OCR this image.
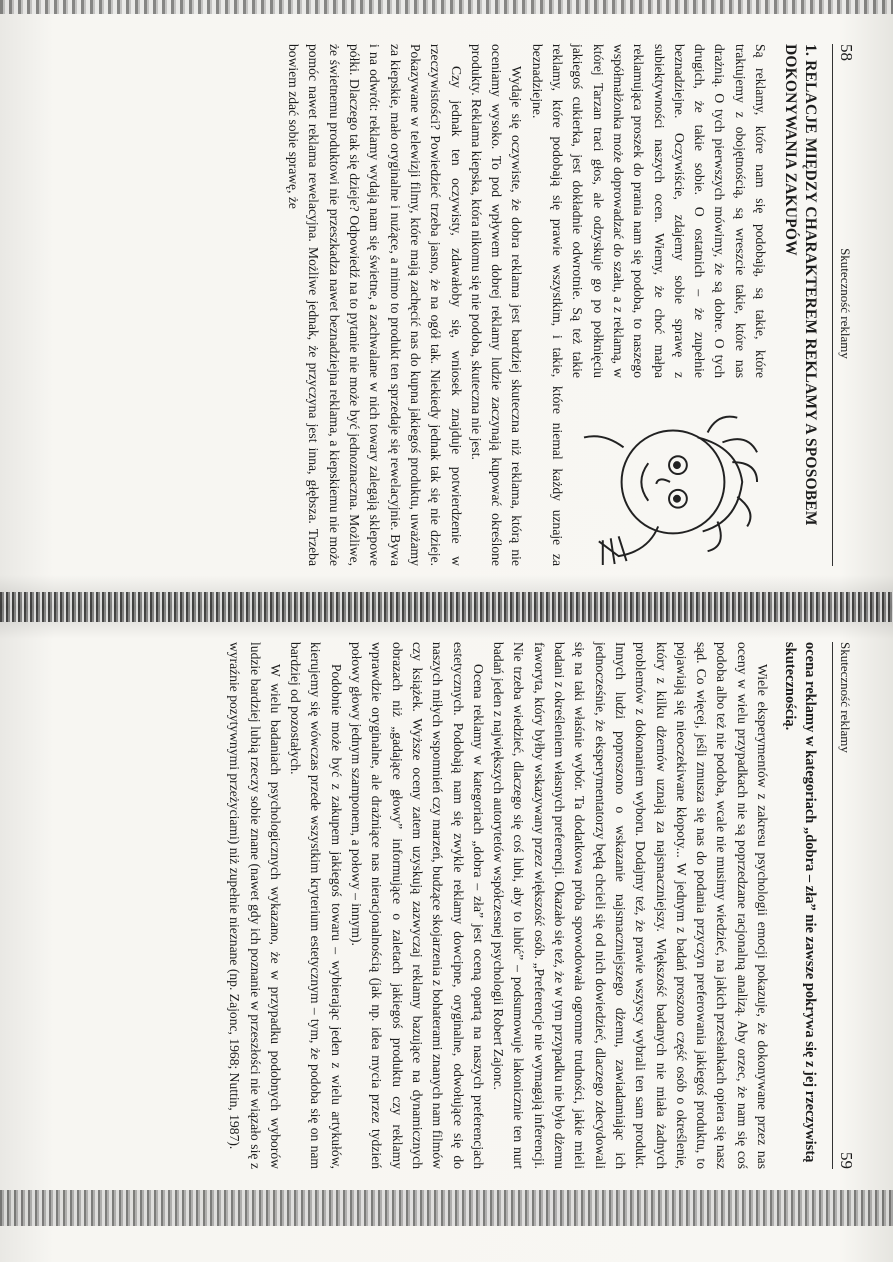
58
Skuteczność reklamy
1. RELACJE MIĘDZY CHARAKTEREM REKLAMY A SPOSOBEM DOKONYWANIA ZAKUPÓW

Są reklamy, które nam się podobają, są takie, które traktujemy z obojętnością, są wreszcie takie, które nas drażnią. O tych pierwszych mówimy, że są dobre. O tych drugich, że takie sobie. O ostatnich – że zupełnie beznadziejne. Oczywiście, zdajemy sobie sprawę z subiektywności naszych ocen. Wiemy, że choć małpa reklamująca proszek do prania nam się podoba, to naszego współmałżonka może doprowadzać do szału, a z reklamą, w której Tarzan traci głos, ale odzyskuje go po połknięciu jakiegoś cukierka, jest dokładnie odwrotnie. Są też takie reklamy, które podobają się prawie wszystkim, i takie, które niemal każdy uznaje za beznadziejne.

Wydaje się oczywiste, że dobra reklama jest bardziej skuteczna niż reklama, którą nie oceniamy wysoko. To pod wpływem dobrej reklamy ludzie zaczynają kupować określone produkty. Reklama kiepska, która nikomu się nie podoba, skuteczna nie jest.

Czy jednak ten oczywisty, zdawałoby się, wniosek znajduje potwierdzenie w rzeczywistości? Powiedzieć trzeba jasno, że na ogół tak. Niekiedy jednak tak się nie dzieje. Pokazywane w telewizji filmy, które mają zachęcić nas do kupna jakiegoś produktu, uważamy za kiepskie, mało oryginalne i nużące, a mimo to produkt ten sprzedaje się rewelacyjnie. Bywa i na odwrót: reklamy wydają nam się świetne, a zachwalane w nich towary zalegają sklepowe półki. Dlaczego tak się dzieje? Odpowiedź na to pytanie nie może być jednoznaczna. Możliwe, że świetnemu produktowi nie przeszkadza nawet beznadziejna reklama, a kiepskiemu nie może pomóc nawet reklama rewelacyjna. Możliwe jednak, że przyczyna jest inna, głębsza. Trzeba bowiem zdać sobie sprawę, że

Skuteczność reklamy
59
ocena reklamy w kategoriach „dobra – zła” nie zawsze pokrywa się z jej rzeczywistą skutecznością.

Wiele eksperymentów z zakresu psychologii emocji pokazuje, że dokonywane przez nas oceny w wielu przypadkach nie są poprzedzane racjonalną analizą. Aby orzec, że nam się coś podoba albo też nie podoba, wcale nie musimy wiedzieć, na jakich przesłankach opiera się nasz sąd. Co więcej, jeśli zmusza się nas do podania przyczyn preferowania jakiegoś produktu, to pojawiają się nieoczekiwane kłopoty... W jednym z badań proszono część osób o określenie, który z kilku dżemów uznają za najsmaczniejszy. Większość badanych nie miała żadnych problemów z dokonaniem wyboru. Dodajmy też, że prawie wszyscy wybrali ten sam produkt. Innych ludzi poproszono o wskazanie najsmaczniejszego dżemu, zawiadamiając ich jednocześnie, że eksperymentatorzy będą chcieli się od nich dowiedzieć, dlaczego zdecydowali się na taki właśnie wybór. Ta dodatkowa próba spowodowała ogromne trudności, jakie mieli badani z określeniem własnych preferencji. Okazało się też, że w tym przypadku nie było dżemu faworyta, który byłby wskazywany przez większość osób. „Preferencje nie wymagają inferencji. Nie trzeba wiedzieć, dlaczego się coś lubi, aby to lubić” – podsumowuje lakonicznie ten nurt badań jeden z największych autorytetów współczesnej psychologii Robert Zajonc.

Ocena reklamy w kategoriach „dobra – zła” jest oceną opartą na naszych preferencjach estetycznych. Podobają nam się zwykle reklamy dowcipne, oryginalne, odwołujące się do naszych miłych wspomnień czy marzeń, budzące skojarzenia z bohaterami znanych nam filmów czy książek. Wyższe oceny zatem uzyskują zazwyczaj reklamy bazujące na dynamicznych obrazach niż „gadające głowy” informujące o zaletach jakiegoś produktu czy reklamy wprawdzie oryginalne, ale drażniące nas nieracjonalnością (jak np. idea mycia przez tydzień połowy głowy jednym szamponem, a połowy – innym).

Podobnie może być z zakupem jakiegoś towaru – wybierając jeden z wielu artykułów, kierujemy się wówczas przede wszystkim kryterium estetycznym – tym, że podoba się on nam bardziej od pozostałych.

W wielu badaniach psychologicznych wykazano, że w przypadku podobnych wyborów ludzie bardziej lubią rzeczy sobie znane (nawet gdy ich poznanie w przeszłości nie wiązało się z wyraźnie pozytywnymi przeżyciami) niż zupełnie nieznane (np. Zajonc, 1968; Nuttin, 1987).
